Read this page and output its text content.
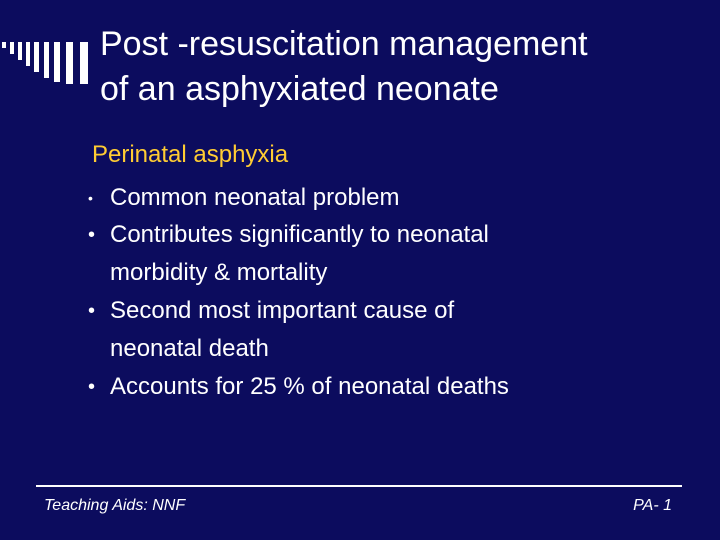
Post -resuscitation management
of an asphyxiated neonate
Perinatal asphyxia
• Common neonatal problem
• Contributes significantly to neonatal
morbidity & mortality
• Second most important cause of
neonatal death
• Accounts for 25 % of neonatal deaths
Teaching Aids: NNF	PA- 1
